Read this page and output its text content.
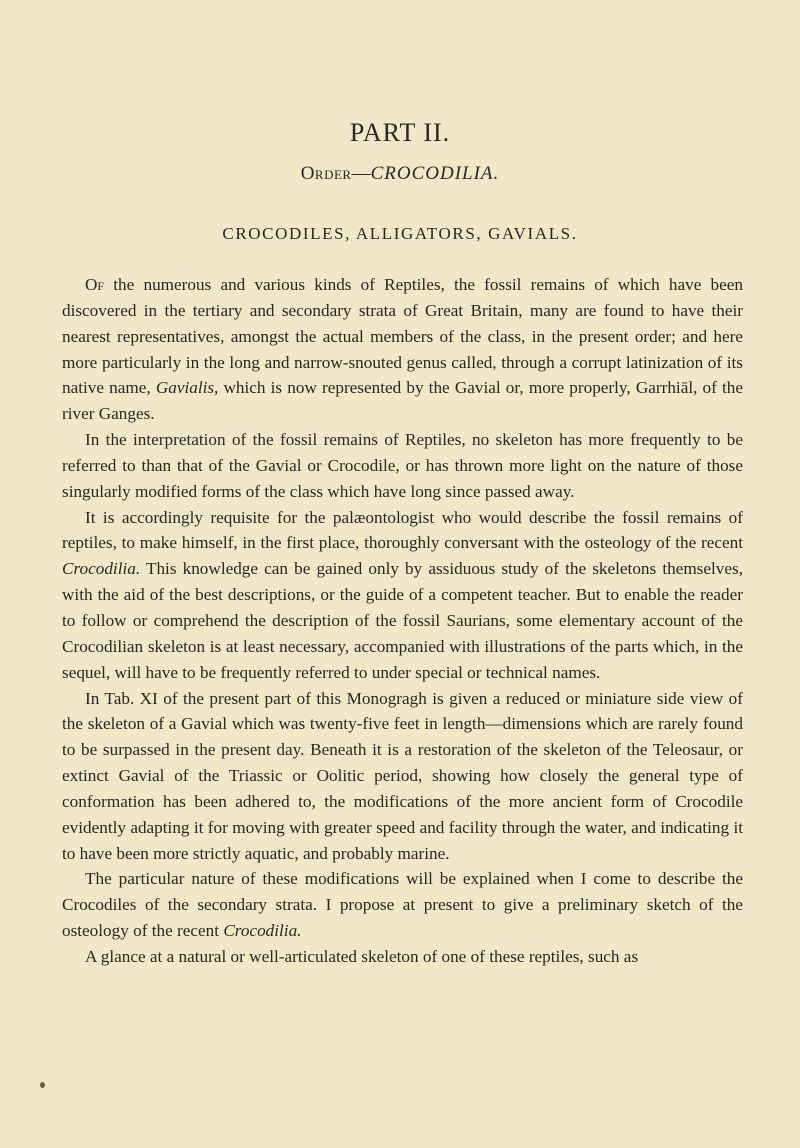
PART II.
Order—CROCODILIA.
CROCODILES, ALLIGATORS, GAVIALS.

Of the numerous and various kinds of Reptiles, the fossil remains of which have been discovered in the tertiary and secondary strata of Great Britain, many are found to have their nearest representatives, amongst the actual members of the class, in the present order; and here more particularly in the long and narrow-snouted genus called, through a corrupt latinization of its native name, Gavialis, which is now represented by the Gavial or, more properly, Garrhiāl, of the river Ganges.

In the interpretation of the fossil remains of Reptiles, no skeleton has more frequently to be referred to than that of the Gavial or Crocodile, or has thrown more light on the nature of those singularly modified forms of the class which have long since passed away.

It is accordingly requisite for the palæontologist who would describe the fossil remains of reptiles, to make himself, in the first place, thoroughly conversant with the osteology of the recent Crocodilia. This knowledge can be gained only by assiduous study of the skeletons themselves, with the aid of the best descriptions, or the guide of a competent teacher. But to enable the reader to follow or comprehend the description of the fossil Saurians, some elementary account of the Crocodilian skeleton is at least necessary, accompanied with illustrations of the parts which, in the sequel, will have to be frequently referred to under special or technical names.

In Tab. XI of the present part of this Monogragh is given a reduced or miniature side view of the skeleton of a Gavial which was twenty-five feet in length—dimensions which are rarely found to be surpassed in the present day. Beneath it is a restoration of the skeleton of the Teleosaur, or extinct Gavial of the Triassic or Oolitic period, showing how closely the general type of conformation has been adhered to, the modifications of the more ancient form of Crocodile evidently adapting it for moving with greater speed and facility through the water, and indicating it to have been more strictly aquatic, and probably marine.

The particular nature of these modifications will be explained when I come to describe the Crocodiles of the secondary strata. I propose at present to give a preliminary sketch of the osteology of the recent Crocodilia.

A glance at a natural or well-articulated skeleton of one of these reptiles, such as
